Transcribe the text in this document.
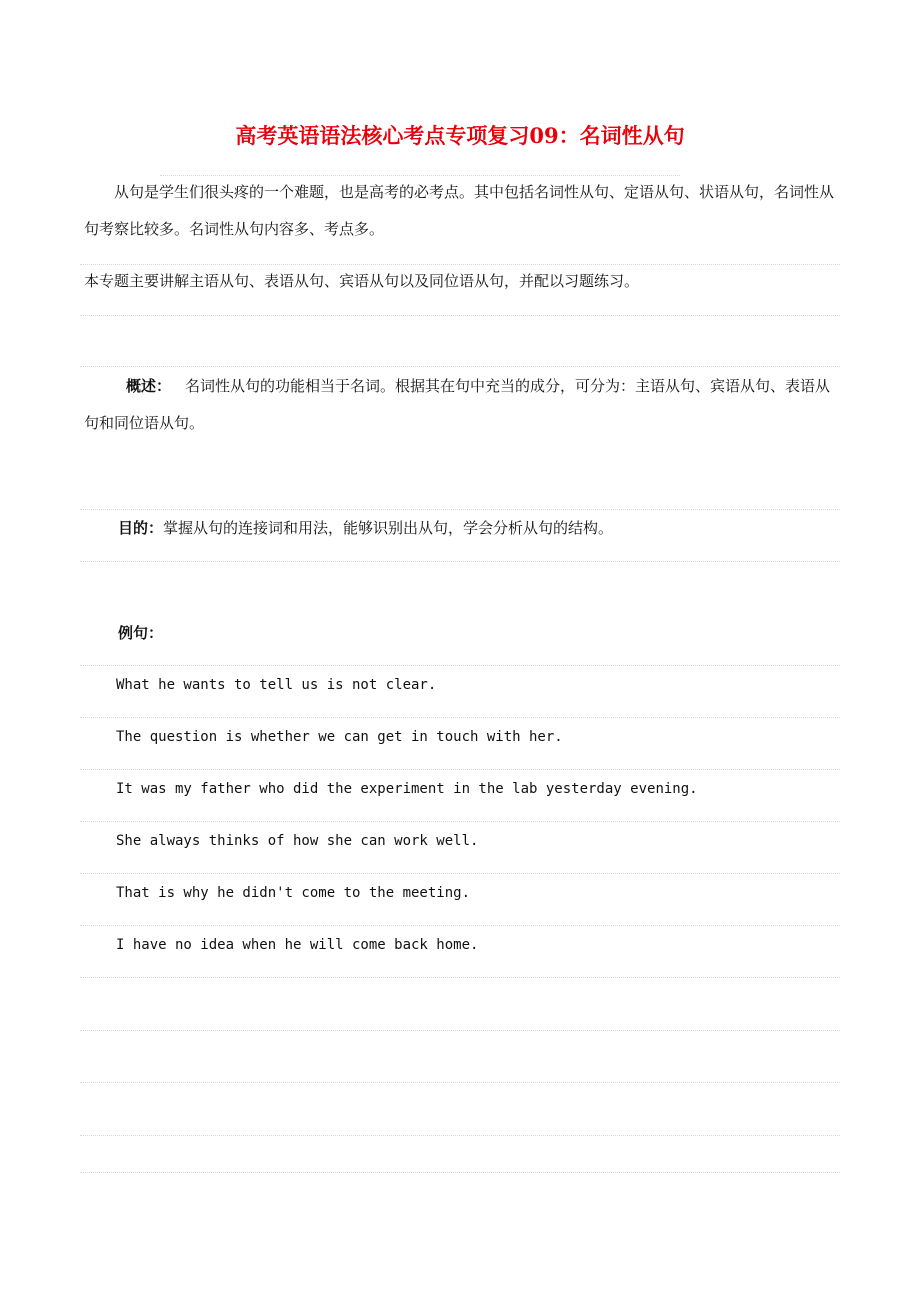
高考英语语法核心考点专项复习09：名词性从句
从句是学生们很头疼的一个难题，也是高考的必考点。其中包括名词性从句、定语从句、状语从句，名词性从句考察比较多。名词性从句内容多、考点多。
本专题主要讲解主语从句、表语从句、宾语从句以及同位语从句，并配以习题练习。
概述： 名词性从句的功能相当于名词。根据其在句中充当的成分，可分为：主语从句、宾语从句、表语从句和同位语从句。
目的：掌握从句的连接词和用法，能够识别出从句，学会分析从句的结构。
例句：
What he wants to tell us is not clear.
The question is whether we can get in touch with her.
It was my father who did the experiment in the lab yesterday evening.
She always thinks of how she can work well.
That is why he didn't come to the meeting.
I have no idea when he will come back home.
